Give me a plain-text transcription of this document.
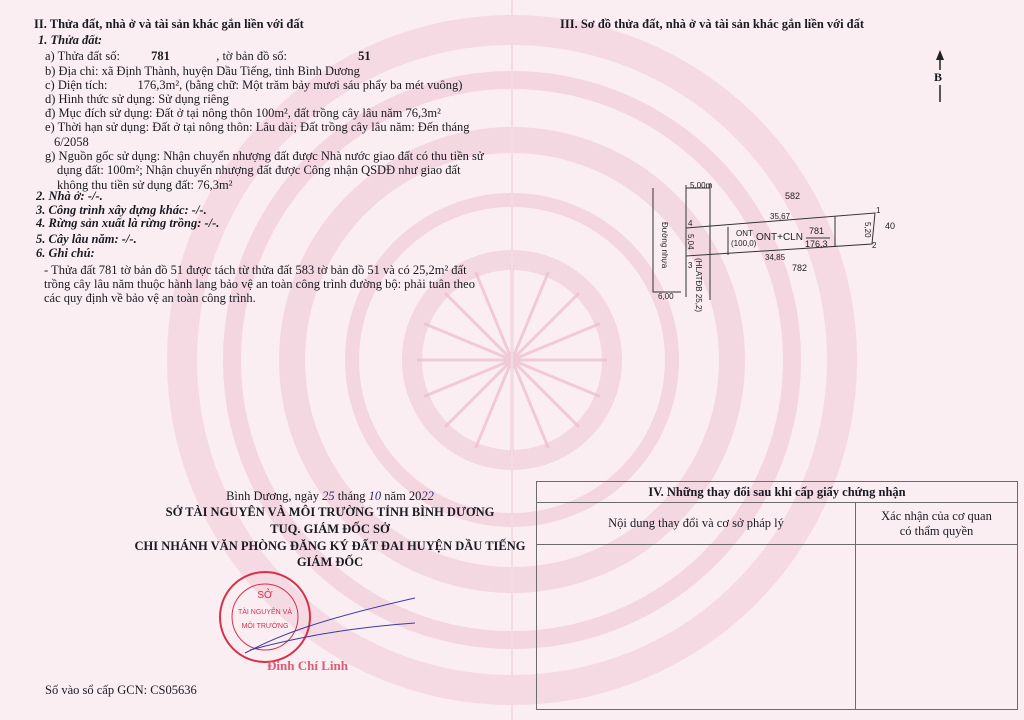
II. Thửa đất, nhà ở và tài sản khác gắn liền với đất
1. Thửa đất:
a) Thửa đất số: 781	, tờ bản đồ số:	51
b) Địa chỉ: xã Định Thành, huyện Dầu Tiếng, tỉnh Bình Dương
c) Diện tích: 176,3m², (bằng chữ: Một trăm bảy mươi sáu phẩy ba mét vuông)
d) Hình thức sử dụng: Sử dụng riêng
đ) Mục đích sử dụng: Đất ở tại nông thôn 100m², đất trồng cây lâu năm 76,3m²
e) Thời hạn sử dụng: Đất ở tại nông thôn: Lâu dài; Đất trồng cây lâu năm: Đến tháng
6/2058
g) Nguồn gốc sử dụng: Nhận chuyển nhượng đất được Nhà nước giao đất có thu tiền sử
dụng đất: 100m²; Nhận chuyển nhượng đất được Công nhận QSDĐ như giao đất
không thu tiền sử dụng đất: 76,3m²
2. Nhà ở: -/-.
3. Công trình xây dựng khác: -/-.
4. Rừng sản xuất là rừng trồng: -/-.
5. Cây lâu năm: -/-.
6. Ghi chú:
- Thửa đất 781 tờ bản đồ 51 được tách từ thửa đất 583 tờ bản đồ 51 và có 25,2m² đất
trồng cây lâu năm thuộc hành lang bảo vệ an toàn công trình đường bộ: phải tuân theo
các quy định về bảo vệ an toàn công trình.
Bình Dương, ngày 25 tháng 10 năm 2022
SỞ TÀI NGUYÊN VÀ MÔI TRƯỜNG TỈNH BÌNH DƯƠNG
TUQ. GIÁM ĐỐC SỞ
CHI NHÁNH VĂN PHÒNG ĐĂNG KÝ ĐẤT ĐAI HUYỆN DẦU TIẾNG
GIÁM ĐỐC
SỞ
TÀI NGUYÊN VÀ
MÔI TRƯỜNG
Đinh Chí Linh
Số vào sổ cấp GCN: CS05636
III. Sơ đồ thửa đất, nhà ở và tài sản khác gắn liền với đất
B
5,00m
582
35,67
40
ONT
(100,0)
ONT+CLN
781
176,3
34,85
782
6,00
1
2
3
4
Đường nhựa 5,04
5,20
(HLATĐB 25,2)
IV. Những thay đổi sau khi cấp giấy chứng nhận	
Nội dung thay đổi và cơ sở pháp lý	Xác nhận của cơ quan
có thẩm quyền
